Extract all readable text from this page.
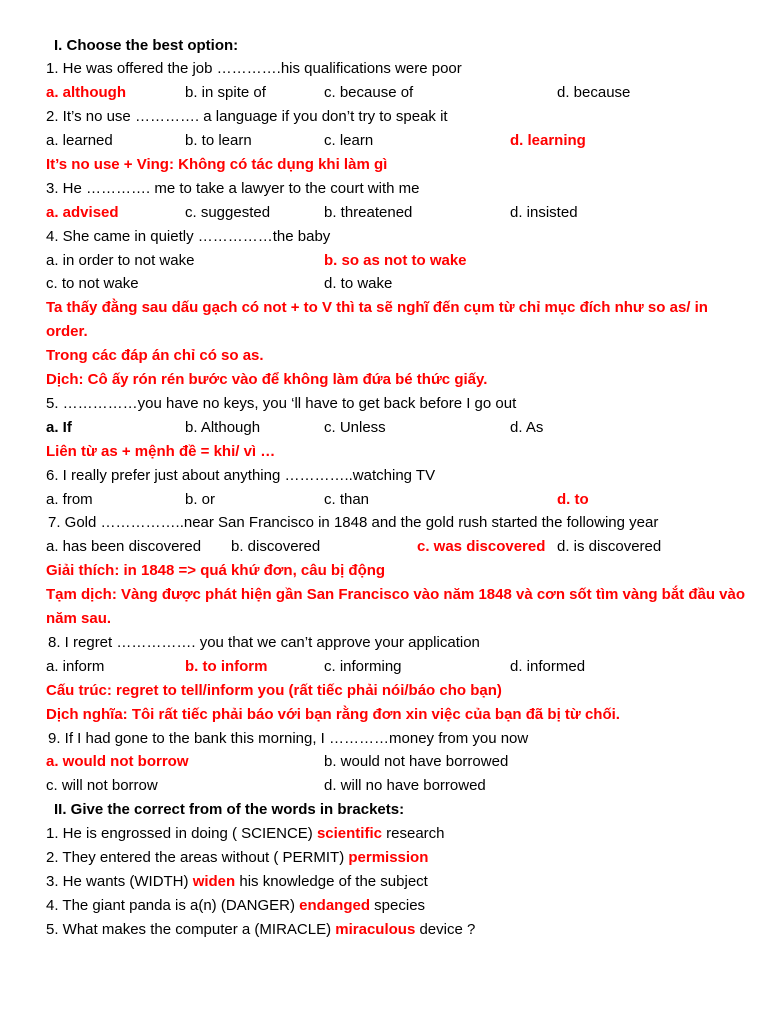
I. Choose the best option:
1. He was offered the job ………….his qualifications were poor
a. although	b. in spite of	c. because of	d. because
2. It’s no use …………. a language if you don’t try to speak it
a. learned	b. to learn	c. learn	d. learning
It’s no use + Ving: Không có tác dụng khi làm gì
3. He …………. me to take a lawyer to the court with me
a. advised	c. suggested	b. threatened	d. insisted
4. She came in quietly ……………the baby
a. in order to not wake	b. so as not to wake
c. to not wake	d. to wake
Ta thấy đằng sau dấu gạch có not + to V thì ta sẽ nghĩ đến cụm từ chỉ mục đích như so as/ in order.
Trong các đáp án chỉ có so as.
Dịch: Cô ấy rón rén bước vào để không làm đứa bé thức giấy.
5. ……………you have no keys, you ‘ll have to get back before I go out
a. If	b. Although	c. Unless	d. As
Liên từ as + mệnh đề = khi/ vì …
6. I really prefer just about anything …………..watching TV
a. from	b. or	c. than	d. to
7. Gold ……………..near San Francisco in 1848 and the gold rush started the following year
a. has been discovered b. discovered	c. was discovered d. is discovered
Giải thích: in 1848 => quá khứ đơn, câu bị động
Tạm dịch: Vàng được phát hiện gần San Francisco vào năm 1848 và cơn sốt tìm vàng bắt đầu vào năm sau.
8. I regret ……………. you that we can’t approve your application
a. inform	b. to inform	c. informing	d. informed
Cấu trúc: regret to tell/inform you (rất tiếc phải nói/báo cho bạn)
Dịch nghĩa: Tôi rất tiếc phải báo với bạn rằng đơn xin việc của bạn đã bị từ chối.
9. If I had gone to the bank this morning, I …………money from you now
a. would not borrow	b. would not have borrowed
c. will not borrow	d. will no have borrowed
II. Give the correct from of the words in brackets:
1. He is engrossed in doing ( SCIENCE) scientific research
2. They entered the areas without ( PERMIT) permission
3. He wants (WIDTH) widen his knowledge of the subject
4. The giant panda is a(n) (DANGER) endanged species
5. What makes the computer a (MIRACLE) miraculous device ?
